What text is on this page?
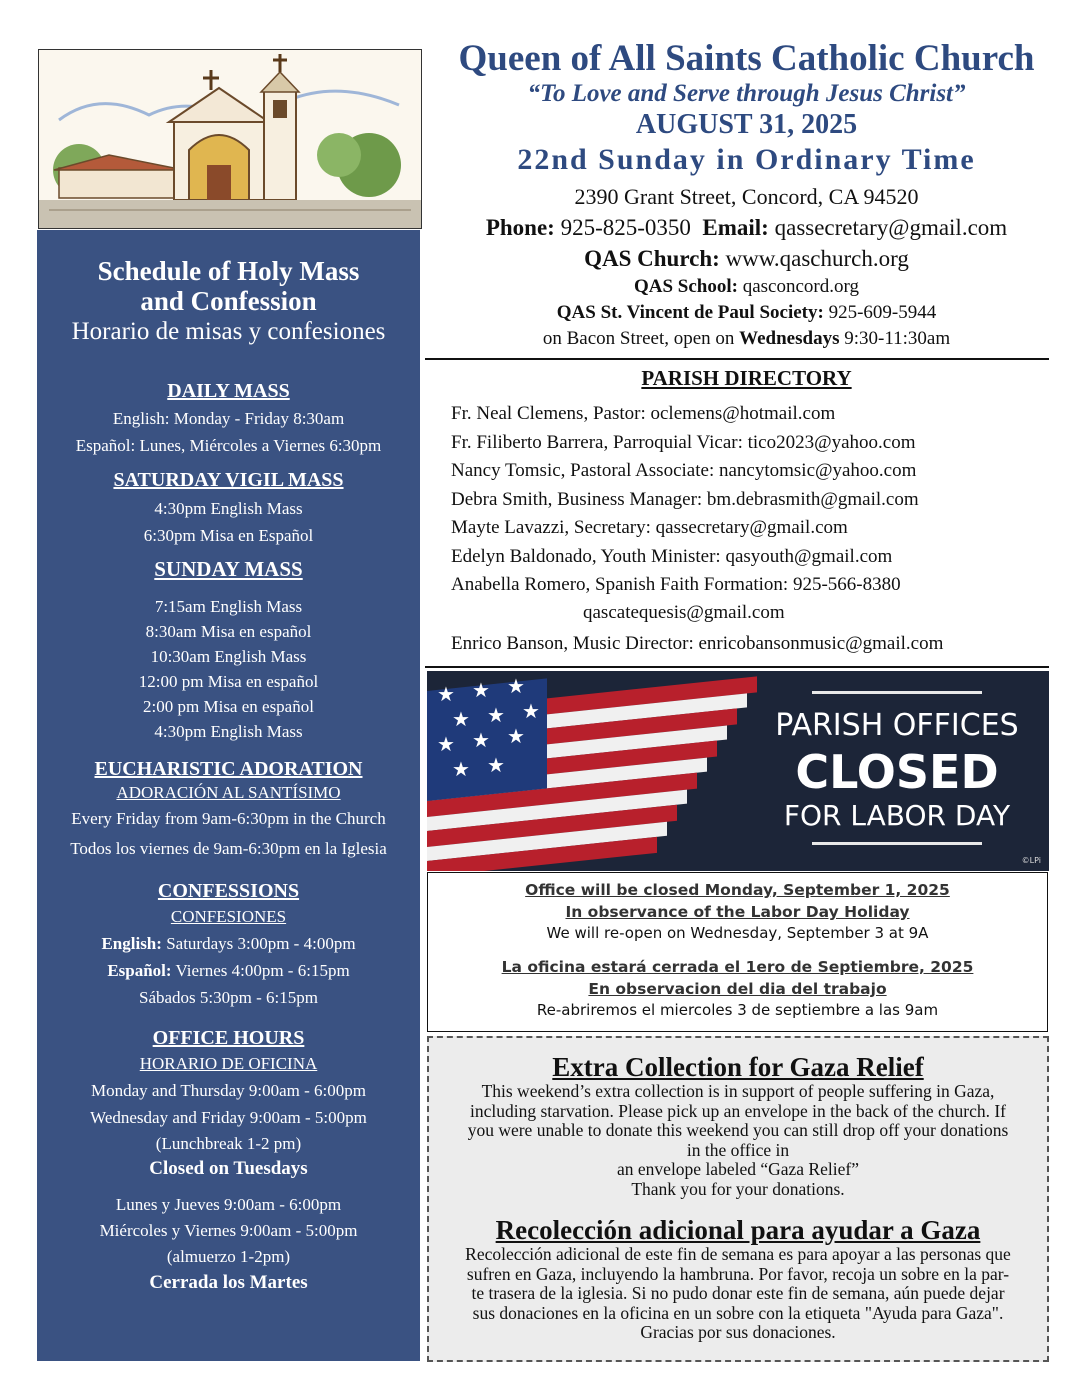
Schedule of Holy Mass
and Confession
Horario de misas y confesiones
DAILY MASS
English: Monday - Friday 8:30am
Español: Lunes, Miércoles a Viernes 6:30pm
SATURDAY VIGIL MASS
4:30pm English Mass
6:30pm Misa en Español
SUNDAY MASS
7:15am English Mass
8:30am Misa en español
10:30am English Mass
12:00 pm Misa en español
2:00 pm Misa en español
4:30pm English Mass
EUCHARISTIC ADORATION
ADORACIÓN AL SANTÍSIMO
Every Friday from 9am-6:30pm in the Church
Todos los viernes de 9am-6:30pm en la Iglesia
CONFESSIONS
CONFESIONES
English: Saturdays 3:00pm - 4:00pm
Español: Viernes 4:00pm - 6:15pm
Sábados 5:30pm - 6:15pm
OFFICE HOURS
HORARIO DE OFICINA
Monday and Thursday 9:00am - 6:00pm
Wednesday and Friday 9:00am - 5:00pm
(Lunchbreak 1-2 pm)
Closed on Tuesdays
Lunes y Jueves 9:00am - 6:00pm
Miércoles y Viernes 9:00am - 5:00pm
(almuerzo 1-2pm)
Cerrada los Martes
Queen of All Saints Catholic Church
“To Love and Serve through Jesus Christ”
AUGUST 31, 2025
22nd Sunday in Ordinary Time
2390 Grant Street, Concord, CA 94520
Phone: 925-825-0350 Email: qassecretary@gmail.com
QAS Church: www.qaschurch.org
QAS School: qasconcord.org
QAS St. Vincent de Paul Society: 925-609-5944
on Bacon Street, open on Wednesdays 9:30-11:30am
PARISH DIRECTORY
Fr. Neal Clemens, Pastor: oclemens@hotmail.com
Fr. Filiberto Barrera, Parroquial Vicar: tico2023@yahoo.com
Nancy Tomsic, Pastoral Associate: nancytomsic@yahoo.com
Debra Smith, Business Manager: bm.debrasmith@gmail.com
Mayte Lavazzi, Secretary: qassecretary@gmail.com
Edelyn Baldonado, Youth Minister: qasyouth@gmail.com
Anabella Romero, Spanish Faith Formation: 925-566-8380
qascatequesis@gmail.com
Enrico Banson, Music Director: enricobansonmusic@gmail.com
★ ★ ★
★ ★ ★
★ ★ ★
★ ★
PARISH OFFICES
CLOSED
FOR LABOR DAY
©LPi
Office will be closed Monday, September 1, 2025
In observance of the Labor Day Holiday
We will re-open on Wednesday, September 3 at 9A
La oficina estará cerrada el 1ero de Septiembre, 2025
En observacion del dia del trabajo
Re-abriremos el miercoles 3 de septiembre a las 9am
Extra Collection for Gaza Relief

This weekend’s extra collection is in support of people suffering in Gaza,

including starvation. Please pick up an envelope in the back of the church. If

you were unable to donate this weekend you can still drop off your donations

in the office in

an envelope labeled “Gaza Relief”

Thank you for your donations.

Recolección adicional para ayudar a Gaza

Recolección adicional de este fin de semana es para apoyar a las personas que

sufren en Gaza, incluyendo la hambruna. Por favor, recoja un sobre en la par-

te trasera de la iglesia. Si no pudo donar este fin de semana, aún puede dejar

sus donaciones en la oficina en un sobre con la etiqueta "Ayuda para Gaza".

Gracias por sus donaciones.
